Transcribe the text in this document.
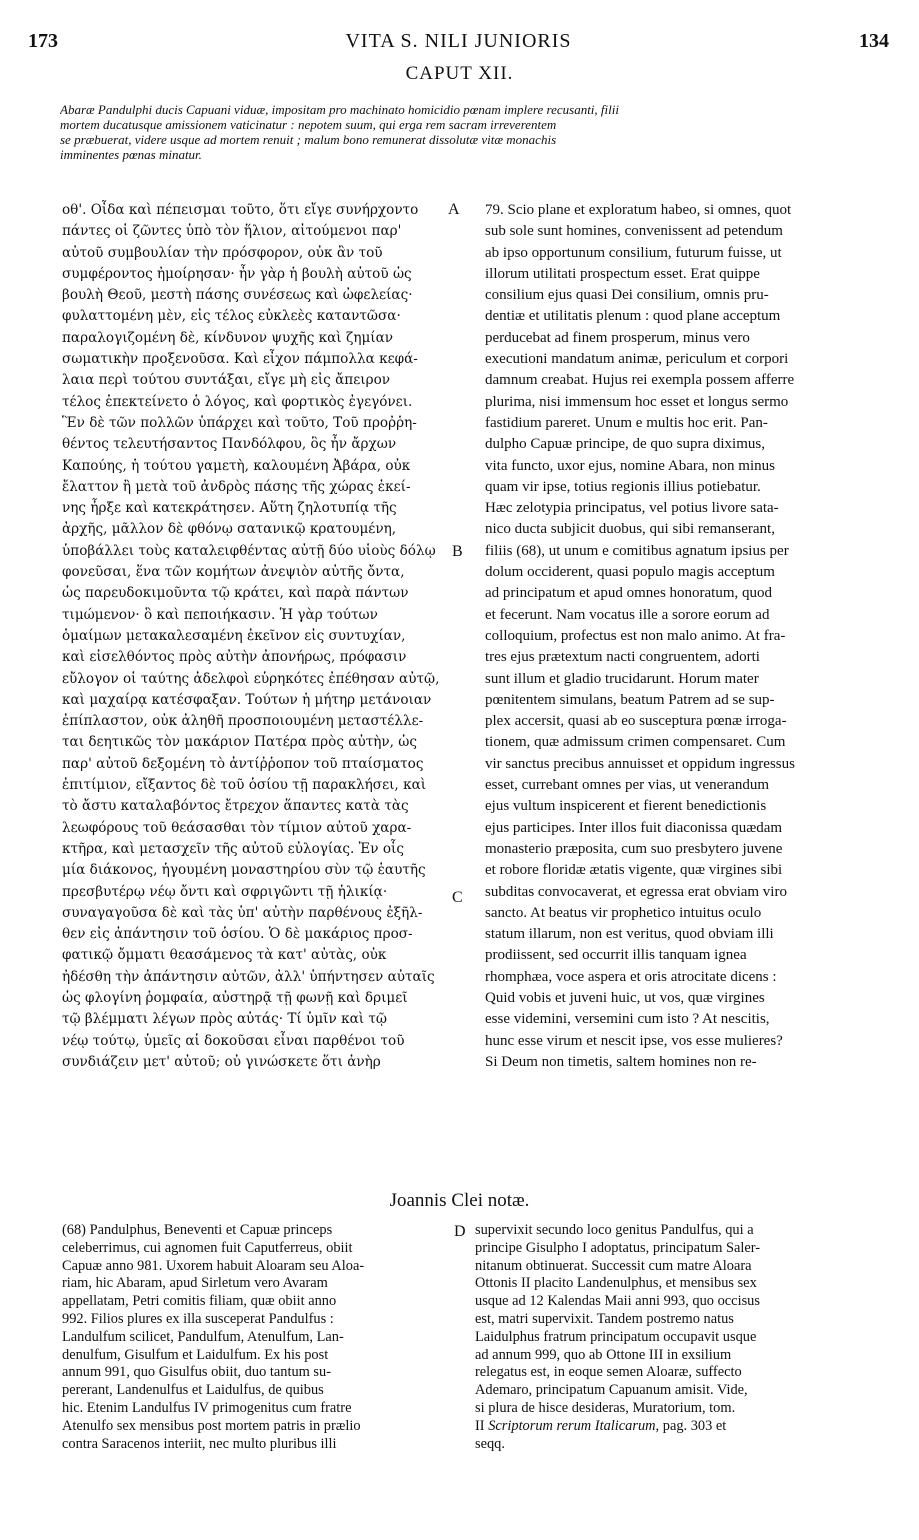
173	VITA S. NILI JUNIORIS	134
CAPUT XII.
Abaræ Pandulphi ducis Capuani viduæ, impositam pro machinato homicidio pœnam implere recusanti, filii
mortem ducatusque amissionem vaticinatur : nepotem suum, qui erga rem sacram irreverentem
se præbuerat, videre usque ad mortem renuit ; malum bono remunerat dissolutæ vitæ monachis
imminentes pœnas minatur.
οθ'. Οἶδα καὶ πέπεισμαι τοῦτο, ὅτι εἴγε συνήρχοντο
πάντες οἱ ζῶντες ὑπὸ τὸν ἥλιον, αἰτούμενοι παρ'
αὐτοῦ συμβουλίαν τὴν πρόσφορον, οὐκ ἂν τοῦ
συμφέροντος ἠμοίρησαν· ἦν γὰρ ἡ βουλὴ αὐτοῦ ὡς
βουλὴ Θεοῦ, μεστὴ πάσης συνέσεως καὶ ὠφελείας·
φυλαττομένη μὲν, εἰς τέλος εὐκλεὲς καταντῶσα·
παραλογιζομένη δὲ, κίνδυνον ψυχῆς καὶ ζημίαν
σωματικὴν προξενοῦσα. Καὶ εἶχον πάμπολλα κεφά-
λαια περὶ τούτου συντάξαι, εἴγε μὴ εἰς ἄπειρον
τέλος ἐπεκτείνετο ὁ λόγος, καὶ φορτικὸς ἐγεγόνει.
Ἓν δὲ τῶν πολλῶν ὑπάρχει καὶ τοῦτο, Τοῦ προῤῥη-
θέντος τελευτήσαντος Πανδόλφου, ὃς ἦν ἄρχων
Καπούης, ἡ τούτου γαμετὴ, καλουμένη Ἀβάρα, οὐκ
ἔλαττον ἢ μετὰ τοῦ ἀνδρὸς πάσης τῆς χώρας ἐκεί-
νης ἦρξε καὶ κατεκράτησεν. Αὕτη ζηλοτυπίᾳ τῆς
ἀρχῆς, μᾶλλον δὲ φθόνῳ σατανικῷ κρατουμένη,
ὑποβάλλει τοὺς καταλειφθέντας αὐτῇ δύο υἱοὺς δόλῳ
φονεῦσαι, ἕνα τῶν κομήτων ἀνεψιὸν αὐτῆς ὄντα,
ὡς παρευδοκιμοῦντα τῷ κράτει, καὶ παρὰ πάντων
τιμώμενον· ὃ καὶ πεποιήκασιν. Ἡ γὰρ τούτων
ὁμαίμων μετακαλεσαμένη ἐκεῖνον εἰς συντυχίαν,
καὶ εἰσελθόντος πρὸς αὐτὴν ἀπονήρως, πρόφασιν
εὔλογον οἱ ταύτης ἀδελφοὶ εὑρηκότες ἐπέθησαν αὐτῷ,
καὶ μαχαίρᾳ κατέσφαξαν. Τούτων ἡ μήτηρ μετάνοιαν
ἐπίπλαστον, οὐκ ἀληθῆ προσποιουμένη μεταστέλλε-
ται δεητικῶς τὸν μακάριον Πατέρα πρὸς αὐτὴν, ὡς
παρ' αὐτοῦ δεξομένη τὸ ἀντίῤῥοπον τοῦ πταίσματος
ἐπιτίμιον, εἴξαντος δὲ τοῦ ὁσίου τῇ παρακλήσει, καὶ
τὸ ἄστυ καταλαβόντος ἔτρεχον ἅπαντες κατὰ τὰς
λεωφόρους τοῦ θεάσασθαι τὸν τίμιον αὐτοῦ χαρα-
κτῆρα, καὶ μετασχεῖν τῆς αὐτοῦ εὐλογίας. Ἐν οἷς
μία διάκονος, ἡγουμένη μοναστηρίου σὺν τῷ ἑαυτῆς
πρεσβυτέρῳ νέῳ ὄντι καὶ σφριγῶντι τῇ ἡλικίᾳ·
συναγαγοῦσα δὲ καὶ τὰς ὑπ' αὐτὴν παρθένους ἐξῆλ-
θεν εἰς ἀπάντησιν τοῦ ὁσίου. Ὁ δὲ μακάριος προσ-
φατικῷ ὄμματι θεασάμενος τὰ κατ' αὐτὰς, οὐκ
ἠδέσθη τὴν ἀπάντησιν αὐτῶν, ἀλλ' ὑπήντησεν αὐταῖς
ὡς φλογίνη ῥομφαία, αὐστηρᾷ τῇ φωνῇ καὶ δριμεῖ
τῷ βλέμματι λέγων πρὸς αὐτάς· Τί ὑμῖν καὶ τῷ
νέῳ τούτῳ, ὑμεῖς αἱ δοκοῦσαι εἶναι παρθένοι τοῦ
συνδιάζειν μετ' αὐτοῦ; οὐ γινώσκετε ὅτι ἀνὴρ
79. Scio plane et exploratum habeo, si omnes, quot
sub sole sunt homines, convenissent ad petendum
ab ipso opportunum consilium, futurum fuisse, ut
illorum utilitati prospectum esset. Erat quippe
consilium ejus quasi Dei consilium, omnis pru-
dentiæ et utilitatis plenum : quod plane acceptum
perducebat ad finem prosperum, minus vero
executioni mandatum animæ, periculum et corpori
damnum creabat. Hujus rei exempla possem afferre
plurima, nisi immensum hoc esset et longus sermo
fastidium pareret. Unum e multis hoc erit. Pan-
dulpho Capuæ principe, de quo supra diximus,
vita functo, uxor ejus, nomine Abara, non minus
quam vir ipse, totius regionis illius potiebatur.
Hæc zelotypia principatus, vel potius livore sata-
nico ducta subjicit duobus, qui sibi remanserant,
filiis (68), ut unum e comitibus agnatum ipsius per
dolum occiderent, quasi populo magis acceptum
ad principatum et apud omnes honoratum, quod
et fecerunt. Nam vocatus ille a sorore eorum ad
colloquium, profectus est non malo animo. At fra-
tres ejus prætextum nacti congruentem, adorti
sunt illum et gladio trucidarunt. Horum mater
pœnitentem simulans, beatum Patrem ad se sup-
plex accersit, quasi ab eo susceptura pœnæ irroga-
tionem, quæ admissum crimen compensaret. Cum
vir sanctus precibus annuisset et oppidum ingressus
esset, currebant omnes per vias, ut venerandum
ejus vultum inspicerent et fierent benedictionis
ejus participes. Inter illos fuit diaconissa quædam
monasterio præposita, cum suo presbytero juvene
et robore floridæ ætatis vigente, quæ virgines sibi
subditas convocaverat, et egressa erat obviam viro
sancto. At beatus vir prophetico intuitus oculo
statum illarum, non est veritus, quod obviam illi
prodiissent, sed occurrit illis tanquam ignea
rhomphæa, voce aspera et oris atrocitate dicens :
Quid vobis et juveni huic, ut vos, quæ virgines
esse videmini, versemini cum isto ? At nescitis,
hunc esse virum et nescit ipse, vos esse mulieres?
Si Deum non timetis, saltem homines non re-
A
B
C
D
Joannis Clei notæ.
(68) Pandulphus, Beneventi et Capuæ princeps
celeberrimus, cui agnomen fuit Caputferreus, obiit
Capuæ anno 981. Uxorem habuit Aloaram seu Aloa-
riam, hic Abaram, apud Sirletum vero Avaram
appellatam, Petri comitis filiam, quæ obiit anno
992. Filios plures ex illa susceperat Pandulfus :
Landulfum scilicet, Pandulfum, Atenulfum, Lan-
denulfum, Gisulfum et Laidulfum. Ex his post
annum 991, quo Gisulfus obiit, duo tantum su-
pererant, Landenulfus et Laidulfus, de quibus
hic. Etenim Landulfus IV primogenitus cum fratre
Atenulfo sex mensibus post mortem patris in prælio
contra Saracenos interiit, nec multo pluribus illi
supervixit secundo loco genitus Pandulfus, qui a
principe Gisulpho I adoptatus, principatum Saler-
nitanum obtinuerat. Successit cum matre Aloara
Ottonis II placito Landenulphus, et mensibus sex
usque ad 12 Kalendas Maii anni 993, quo occisus
est, matri supervixit. Tandem postremo natus
Laidulphus fratrum principatum occupavit usque
ad annum 999, quo ab Ottone III in exsilium
relegatus est, in eoque semen Aloaræ, suffecto
Ademaro, principatum Capuanum amisit. Vide,
si plura de hisce desideras, Muratorium, tom.
II Scriptorum rerum Italicarum, pag. 303 et
seqq.
